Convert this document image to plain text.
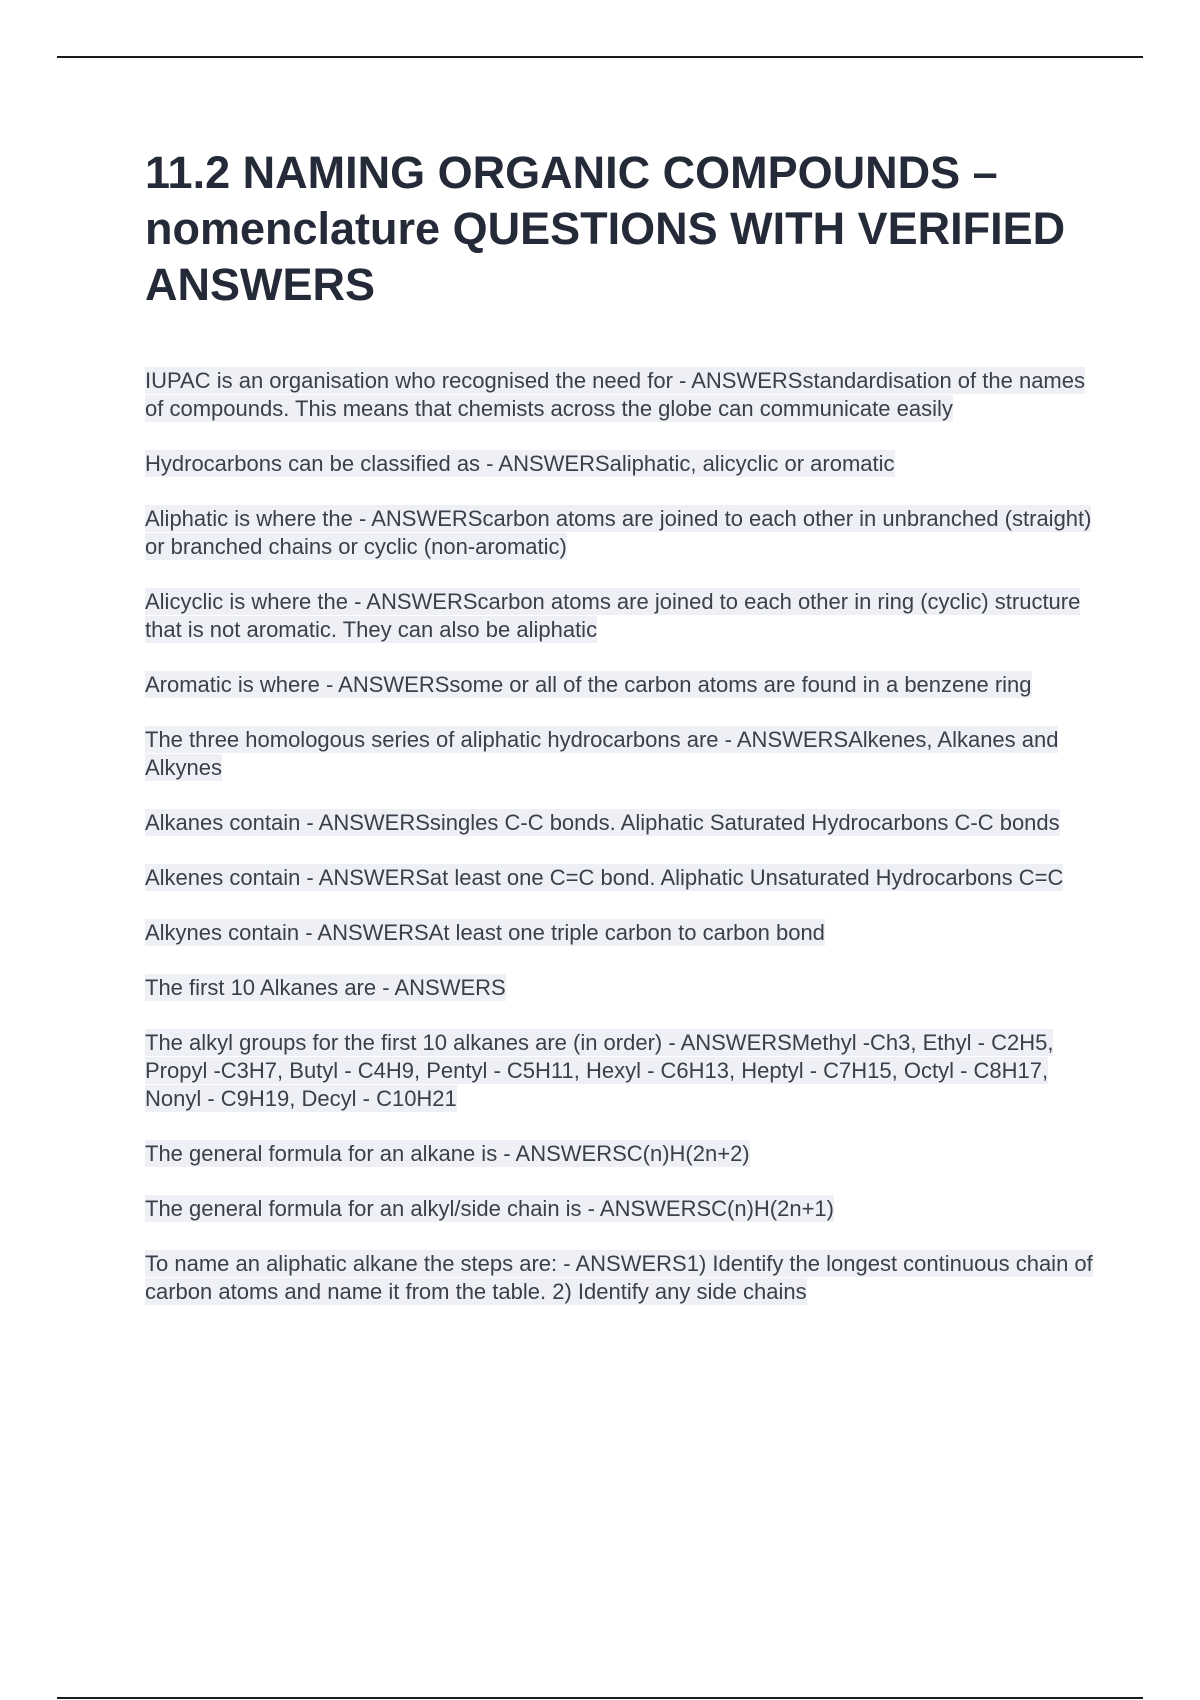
11.2 NAMING ORGANIC COMPOUNDS – nomenclature QUESTIONS WITH VERIFIED ANSWERS

IUPAC is an organisation who recognised the need for - ANSWERSstandardisation of the names of compounds. This means that chemists across the globe can communicate easily

Hydrocarbons can be classified as - ANSWERSaliphatic, alicyclic or aromatic

Aliphatic is where the - ANSWERScarbon atoms are joined to each other in unbranched (straight) or branched chains or cyclic (non-aromatic)

Alicyclic is where the - ANSWERScarbon atoms are joined to each other in ring (cyclic) structure that is not aromatic. They can also be aliphatic

Aromatic is where - ANSWERSsome or all of the carbon atoms are found in a benzene ring

The three homologous series of aliphatic hydrocarbons are - ANSWERSAlkenes, Alkanes and Alkynes

Alkanes contain - ANSWERSsingles C-C bonds. Aliphatic Saturated Hydrocarbons C-C bonds

Alkenes contain - ANSWERSat least one C=C bond. Aliphatic Unsaturated Hydrocarbons C=C

Alkynes contain - ANSWERSAt least one triple carbon to carbon bond

The first 10 Alkanes are - ANSWERS

The alkyl groups for the first 10 alkanes are (in order) - ANSWERSMethyl -Ch3, Ethyl - C2H5, Propyl -C3H7, Butyl - C4H9, Pentyl - C5H11, Hexyl - C6H13, Heptyl - C7H15, Octyl - C8H17, Nonyl - C9H19, Decyl - C10H21

The general formula for an alkane is - ANSWERSC(n)H(2n+2)

The general formula for an alkyl/side chain is - ANSWERSC(n)H(2n+1)

To name an aliphatic alkane the steps are: - ANSWERS1) Identify the longest continuous chain of carbon atoms and name it from the table. 2) Identify any side chains
